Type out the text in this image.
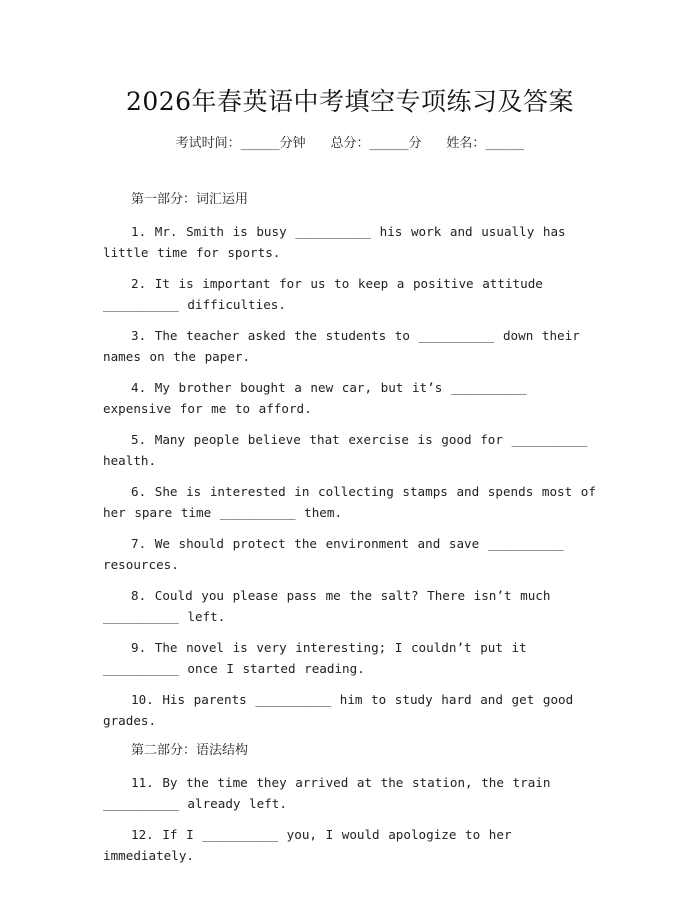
2026年春英语中考填空专项练习及答案
考试时间：______分钟 总分：______分 姓名：______
第一部分：词汇运用

1. Mr. Smith is busy __________ his work and usually has little time for sports.

2. It is important for us to keep a positive attitude __________ difficulties.

3. The teacher asked the students to __________ down their names on the paper.

4. My brother bought a new car, but it’s __________ expensive for me to afford.

5. Many people believe that exercise is good for __________ health.

6. She is interested in collecting stamps and spends most of her spare time __________ them.

7. We should protect the environment and save __________ resources.

8. Could you please pass me the salt? There isn’t much __________ left.

9. The novel is very interesting; I couldn’t put it __________ once I started reading.

10. His parents __________ him to study hard and get good grades.

第二部分：语法结构

11. By the time they arrived at the station, the train __________ already left.

12. If I __________ you, I would apologize to her immediately.
